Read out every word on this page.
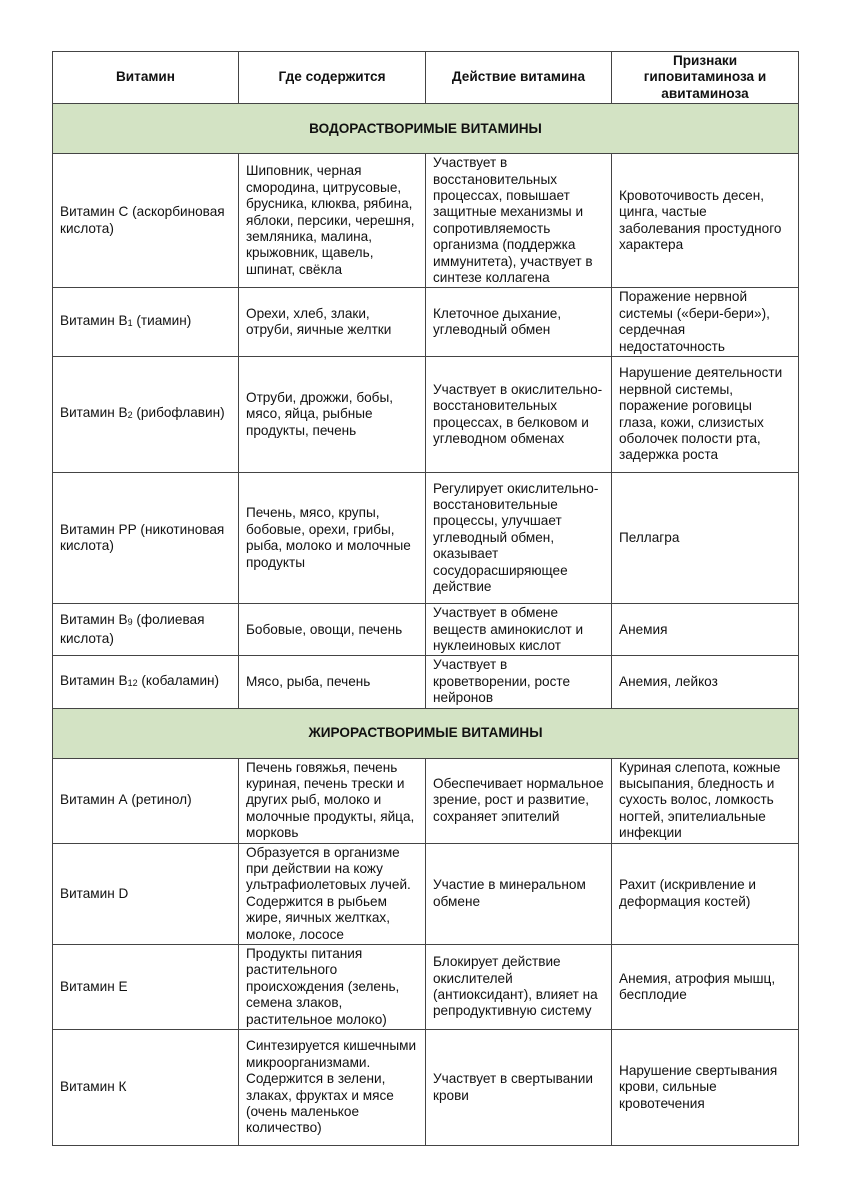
Витамин	Где содержится	Действие витамина	Признаки гиповитаминоза и авитаминоза
ВОДОРАСТВОРИМЫЕ ВИТАМИНЫ			
Витамин С (аскорбиновая кислота)	Шиповник, черная смородина, цитрусовые, брусника, клюква, рябина, яблоки, персики, черешня, земляника, малина, крыжовник, щавель, шпинат, свёкла	Участвует в восстановительных процессах, повышает защитные механизмы и сопротивляемость организма (поддержка иммунитета), участвует в синтезе коллагена	Кровоточивость десен, цинга, частые заболевания простудного характера
Витамин В1 (тиамин)	Орехи, хлеб, злаки, отруби, яичные желтки	Клеточное дыхание, углеводный обмен	Поражение нервной системы («бери-бери»), сердечная недостаточность
Витамин В2 (рибофлавин)	Отруби, дрожжи, бобы, мясо, яйца, рыбные продукты, печень	Участвует в окислительно-восстановительных процессах, в белковом и углеводном обменах	Нарушение деятельности нервной системы, поражение роговицы глаза, кожи, слизистых оболочек полости рта, задержка роста
Витамин РР (никотиновая кислота)	Печень, мясо, крупы, бобовые, орехи, грибы, рыба, молоко и молочные продукты	Регулирует окислительно-восстановительные процессы, улучшает углеводный обмен, оказывает сосудорасширяющее действие	Пеллагра
Витамин В9 (фолиевая кислота)	Бобовые, овощи, печень	Участвует в обмене веществ аминокислот и нуклеиновых кислот	Анемия
Витамин В12 (кобаламин)	Мясо, рыба, печень	Участвует в кроветворении, росте нейронов	Анемия, лейкоз
ЖИРОРАСТВОРИМЫЕ ВИТАМИНЫ			
Витамин А (ретинол)	Печень говяжья, печень куриная, печень трески и других рыб, молоко и молочные продукты, яйца, морковь	Обеспечивает нормальное зрение, рост и развитие, сохраняет эпителий	Куриная слепота, кожные высыпания, бледность и сухость волос, ломкость ногтей, эпителиальные инфекции
Витамин D	Образуется в организме при действии на кожу ультрафиолетовых лучей. Содержится в рыбьем жире, яичных желтках, молоке, лососе	Участие в минеральном обмене	Рахит (искривление и деформация костей)
Витамин Е	Продукты питания растительного происхождения (зелень, семена злаков, растительное молоко)	Блокирует действие окислителей (антиоксидант), влияет на репродуктивную систему	Анемия, атрофия мышц, бесплодие
Витамин К	Синтезируется кишечными микроорганизмами. Содержится в зелени, злаках, фруктах и мясе (очень маленькое количество)	Участвует в свертывании крови	Нарушение свертывания крови, сильные кровотечения
